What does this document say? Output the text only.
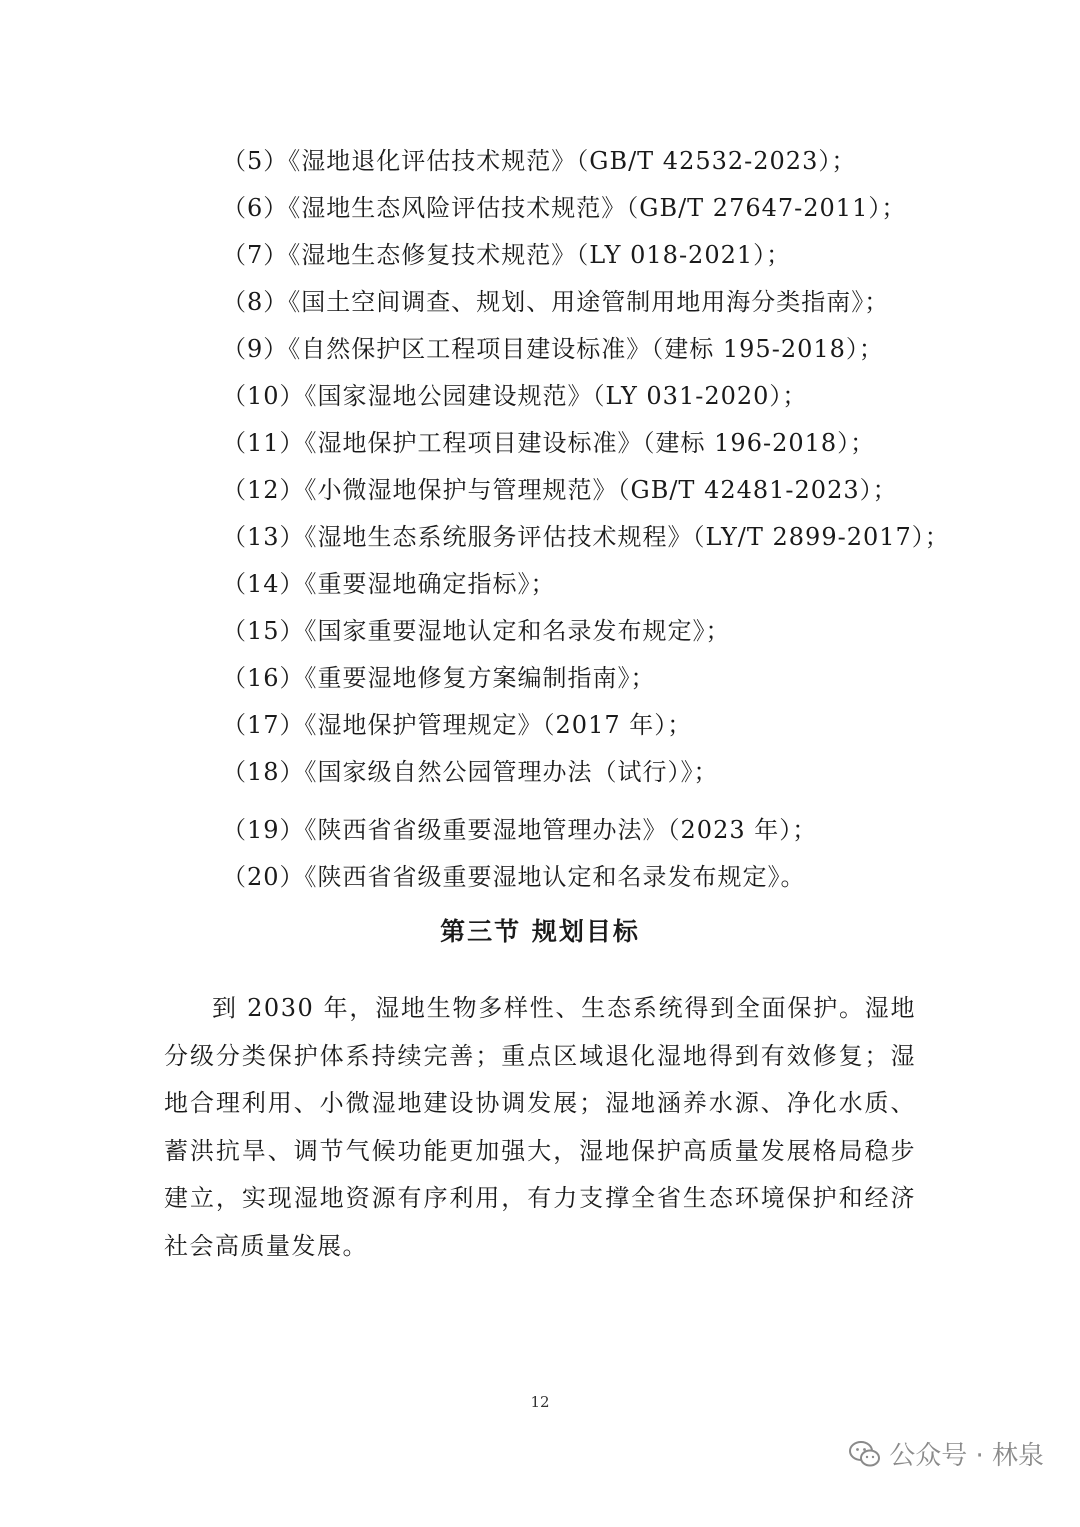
（5）《湿地退化评估技术规范》（GB/T 42532-2023）；
（6）《湿地生态风险评估技术规范》（GB/T 27647-2011）；
（7）《湿地生态修复技术规范》（LY 018-2021）；
（8）《国土空间调查、规划、用途管制用地用海分类指南》；
（9）《自然保护区工程项目建设标准》（建标 195-2018）；
（10）《国家湿地公园建设规范》（LY 031-2020）；
（11）《湿地保护工程项目建设标准》（建标 196-2018）；
（12）《小微湿地保护与管理规范》（GB/T 42481-2023）；
（13）《湿地生态系统服务评估技术规程》（LY/T 2899-2017）；
（14）《重要湿地确定指标》；
（15）《国家重要湿地认定和名录发布规定》；
（16）《重要湿地修复方案编制指南》；
（17）《湿地保护管理规定》（2017 年）；
（18）《国家级自然公园管理办法（试行）》；
（19）《陕西省省级重要湿地管理办法》（2023 年）；
（20）《陕西省省级重要湿地认定和名录发布规定》。
第三节 规划目标

到 2030 年，湿地生物多样性、生态系统得到全面保护。湿地分级分类保护体系持续完善；重点区域退化湿地得到有效修复；湿地合理利用、小微湿地建设协调发展；湿地涵养水源、净化水质、蓄洪抗旱、调节气候功能更加强大，湿地保护高质量发展格局稳步建立，实现湿地资源有序利用，有力支撑全省生态环境保护和经济社会高质量发展。

12
公众号 · 林泉
